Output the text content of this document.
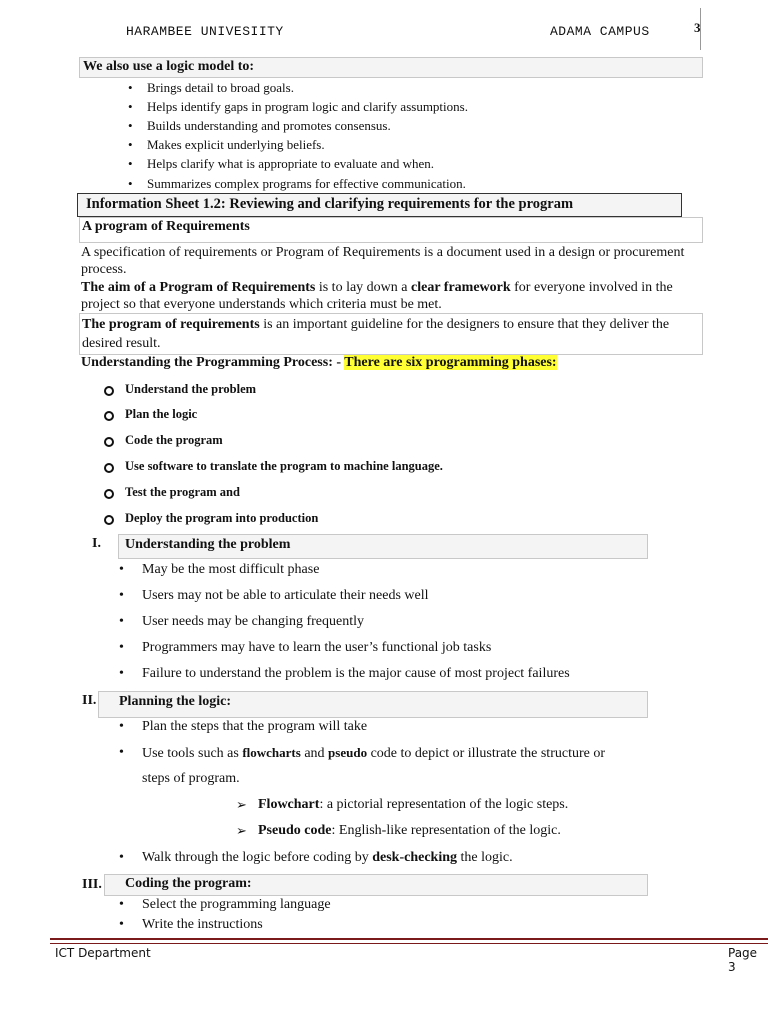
HARAMBEE UNIVESIITY	ADAMA CAMPUS	3
We also use a logic model to:
• Brings detail to broad goals.
• Helps identify gaps in program logic and clarify assumptions.
• Builds understanding and promotes consensus.
• Makes explicit underlying beliefs.
• Helps clarify what is appropriate to evaluate and when.
• Summarizes complex programs for effective communication.
Information Sheet 1.2: Reviewing and clarifying requirements for the program
A program of Requirements
A specification of requirements or Program of Requirements is a document used in a design or procurement process.
The aim of a Program of Requirements is to lay down a clear framework for everyone involved in the project so that everyone understands which criteria must be met.
The program of requirements is an important guideline for the designers to ensure that they deliver the desired result.
Understanding the Programming Process: - There are six programming phases:
Understand the problem
Plan the logic
Code the program
Use software to translate the program to machine language.
Test the program and
Deploy the program into production
I.	Understanding the problem
• May be the most difficult phase
• Users may not be able to articulate their needs well
• User needs may be changing frequently
• Programmers may have to learn the user’s functional job tasks
• Failure to understand the problem is the major cause of most project failures
II.	Planning the logic:
• Plan the steps that the program will take
• Use tools such as flowcharts and pseudo code to depict or illustrate the structure or
steps of program.
➢ Flowchart: a pictorial representation of the logic steps.
➢ Pseudo code: English-like representation of the logic.
• Walk through the logic before coding by desk-checking the logic.
III.	Coding the program:
• Select the programming language
• Write the instructions
ICT Department	Page 3
